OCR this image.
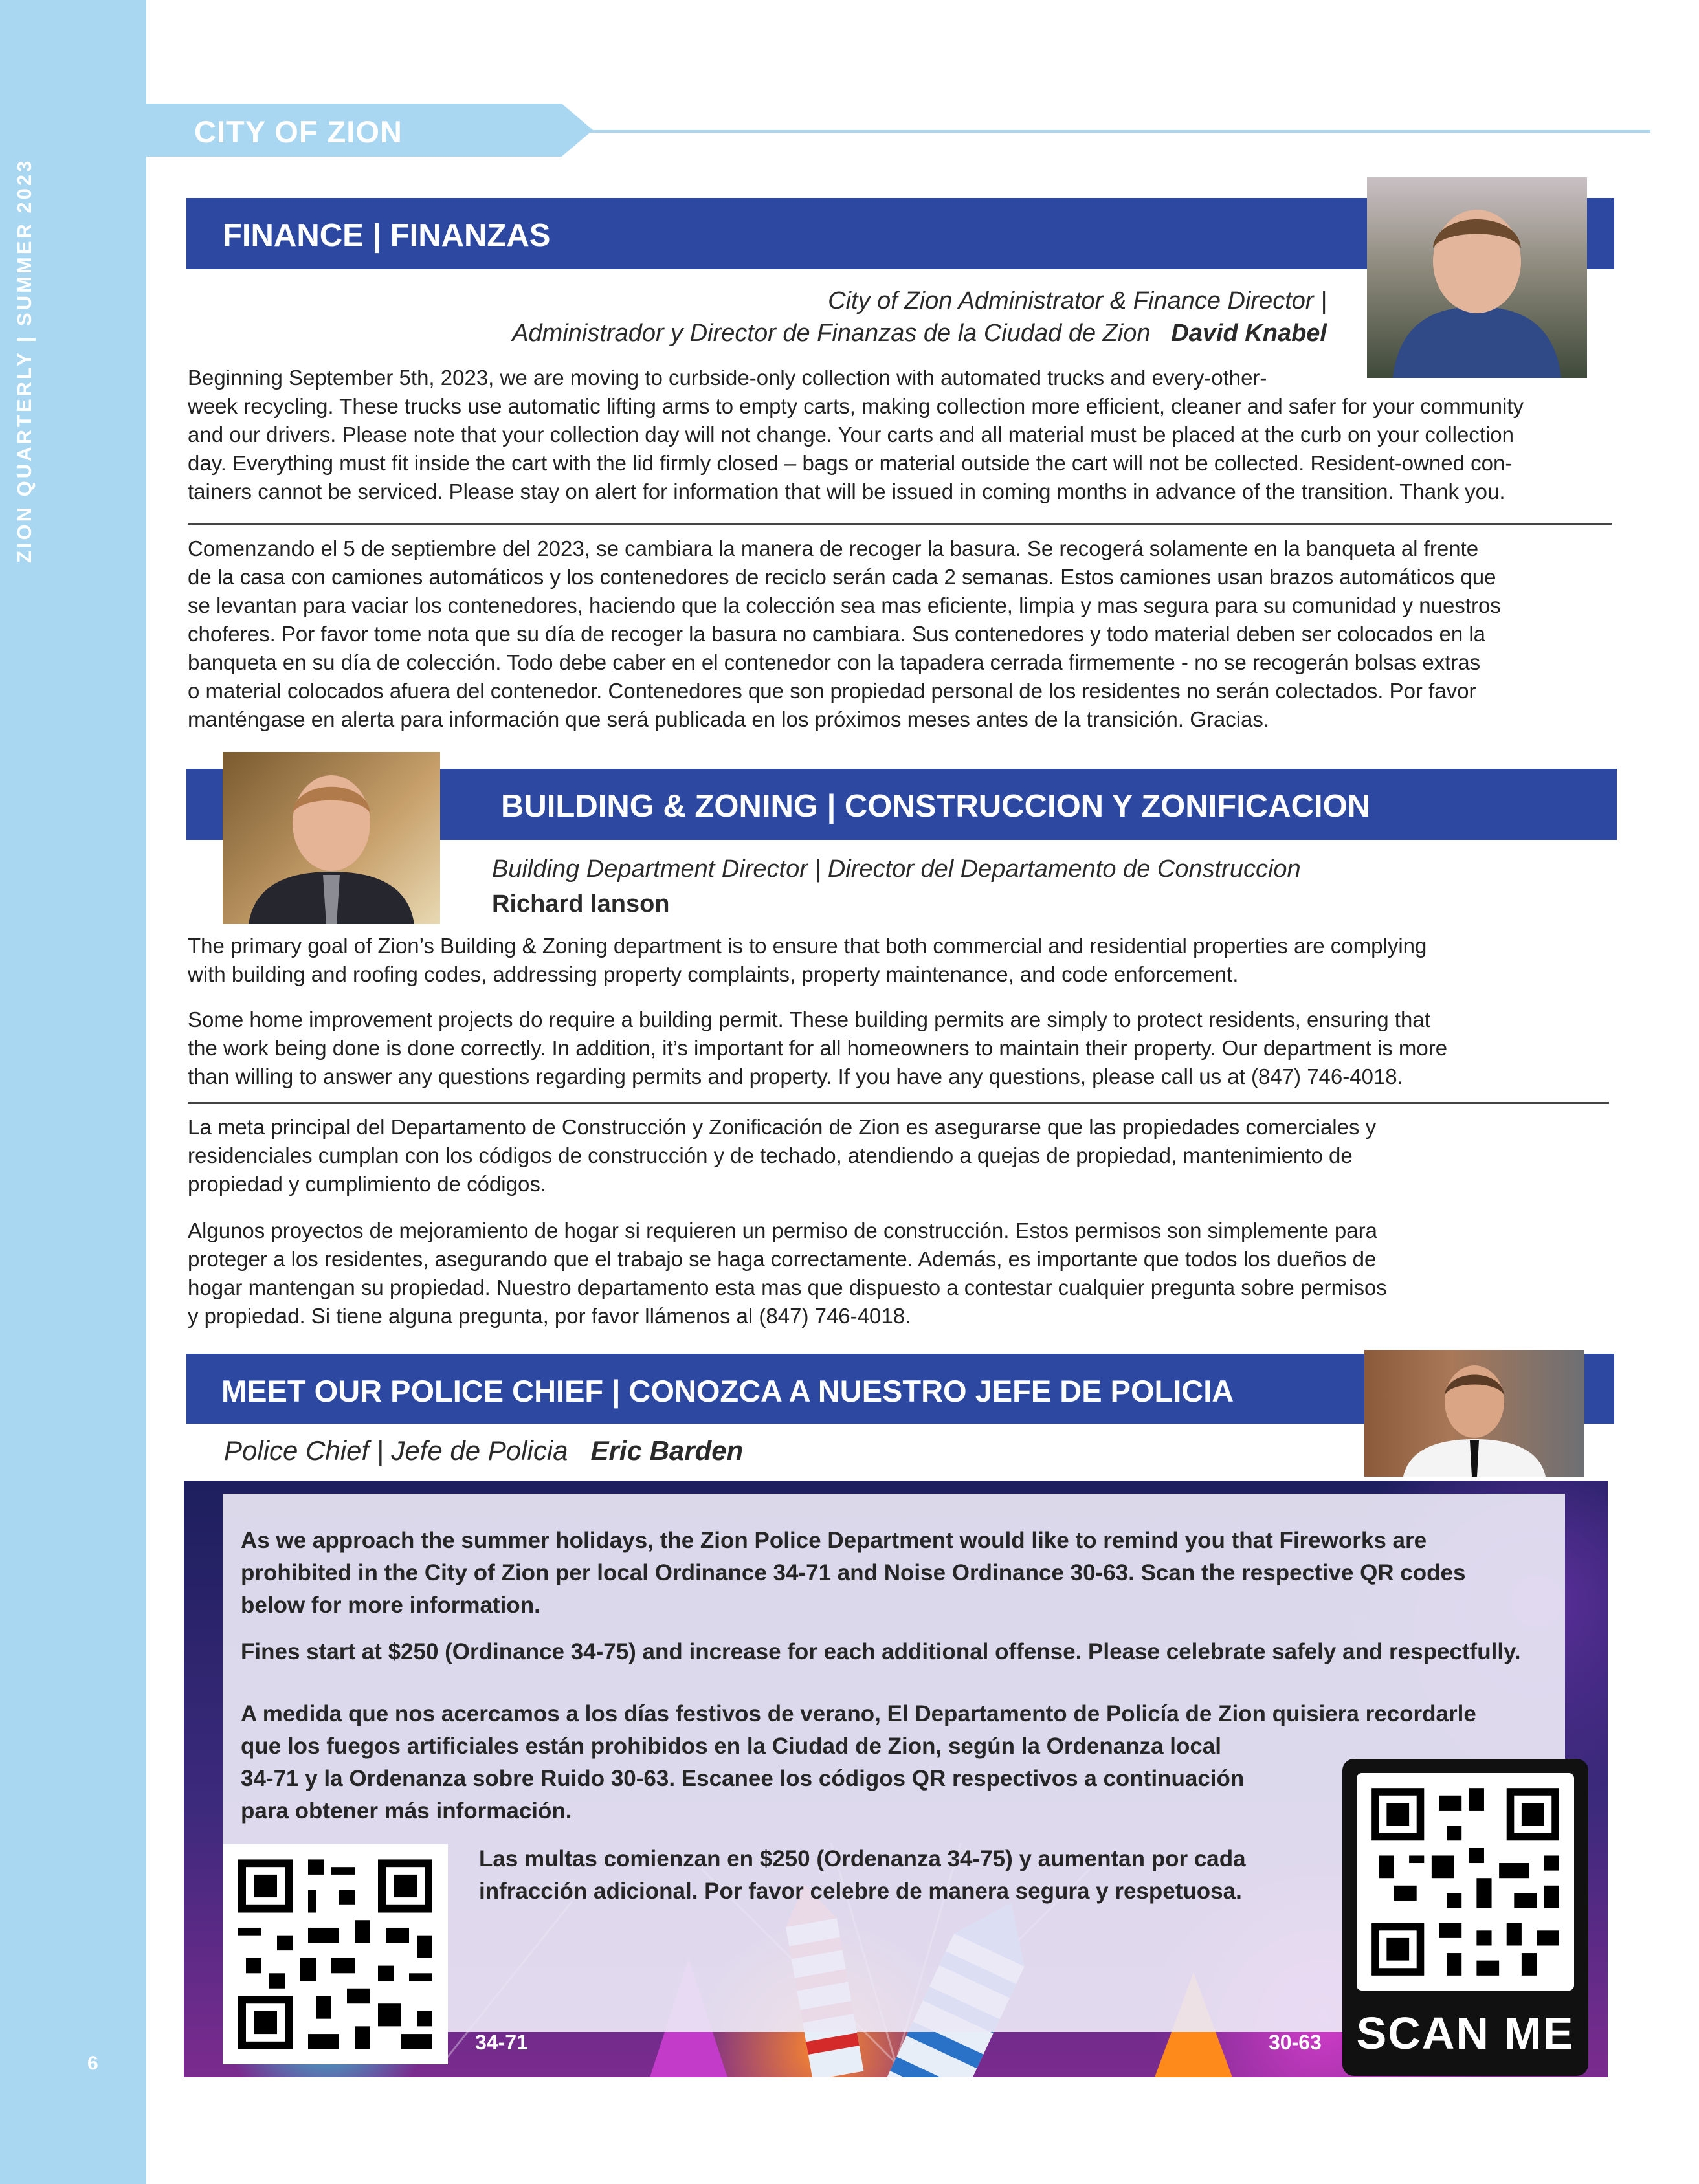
ZION QUARTERLY | SUMMER 2023
6
CITY OF ZION
FINANCE | FINANZAS
City of Zion Administrator & Finance Director |
Administrador y Director de Finanzas de la Ciudad de Zion David Knabel
Beginning September 5th, 2023, we are moving to curbside-only collection with automated trucks and every-other-
week recycling. These trucks use automatic lifting arms to empty carts, making collection more efficient, cleaner and safer for your community
and our drivers. Please note that your collection day will not change. Your carts and all material must be placed at the curb on your collection
day. Everything must fit inside the cart with the lid firmly closed – bags or material outside the cart will not be collected. Resident-owned con-
tainers cannot be serviced. Please stay on alert for information that will be issued in coming months in advance of the transition. Thank you.
Comenzando el 5 de septiembre del 2023, se cambiara la manera de recoger la basura. Se recogerá solamente en la banqueta al frente
de la casa con camiones automáticos y los contenedores de reciclo serán cada 2 semanas. Estos camiones usan brazos automáticos que
se levantan para vaciar los contenedores, haciendo que la colección sea mas eficiente, limpia y mas segura para su comunidad y nuestros
choferes. Por favor tome nota que su día de recoger la basura no cambiara. Sus contenedores y todo material deben ser colocados en la
banqueta en su día de colección. Todo debe caber en el contenedor con la tapadera cerrada firmemente - no se recogerán bolsas extras
o material colocados afuera del contenedor. Contenedores que son propiedad personal de los residentes no serán colectados. Por favor
manténgase en alerta para información que será publicada en los próximos meses antes de la transición. Gracias.
BUILDING & ZONING | CONSTRUCCION Y ZONIFICACION
Building Department Director | Director del Departamento de Construccion
Richard lanson
The primary goal of Zion’s Building & Zoning department is to ensure that both commercial and residential properties are complying
with building and roofing codes, addressing property complaints, property maintenance, and code enforcement.
Some home improvement projects do require a building permit. These building permits are simply to protect residents, ensuring that
the work being done is done correctly. In addition, it’s important for all homeowners to maintain their property. Our department is more
than willing to answer any questions regarding permits and property. If you have any questions, please call us at (847) 746-4018.
La meta principal del Departamento de Construcción y Zonificación de Zion es asegurarse que las propiedades comerciales y
residenciales cumplan con los códigos de construcción y de techado, atendiendo a quejas de propiedad, mantenimiento de
propiedad y cumplimiento de códigos.
Algunos proyectos de mejoramiento de hogar si requieren un permiso de construcción. Estos permisos son simplemente para
proteger a los residentes, asegurando que el trabajo se haga correctamente. Además, es importante que todos los dueños de
hogar mantengan su propiedad. Nuestro departamento esta mas que dispuesto a contestar cualquier pregunta sobre permisos
y propiedad. Si tiene alguna pregunta, por favor llámenos al (847) 746-4018.
MEET OUR POLICE CHIEF | CONOZCA A NUESTRO JEFE DE POLICIA
Police Chief | Jefe de Policia Eric Barden
As we approach the summer holidays, the Zion Police Department would like to remind you that Fireworks are
prohibited in the City of Zion per local Ordinance 34-71 and Noise Ordinance 30-63. Scan the respective QR codes
below for more information.
Fines start at $250 (Ordinance 34-75) and increase for each additional offense. Please celebrate safely and respectfully.
A medida que nos acercamos a los días festivos de verano, El Departamento de Policía de Zion quisiera recordarle
que los fuegos artificiales están prohibidos en la Ciudad de Zion, según la Ordenanza local
34-71 y la Ordenanza sobre Ruido 30-63. Escanee los códigos QR respectivos a continuación
para obtener más información.
Las multas comienzan en $250 (Ordenanza 34-75) y aumentan por cada
infracción adicional. Por favor celebre de manera segura y respetuosa.
34-71	30-63 SCAN ME
